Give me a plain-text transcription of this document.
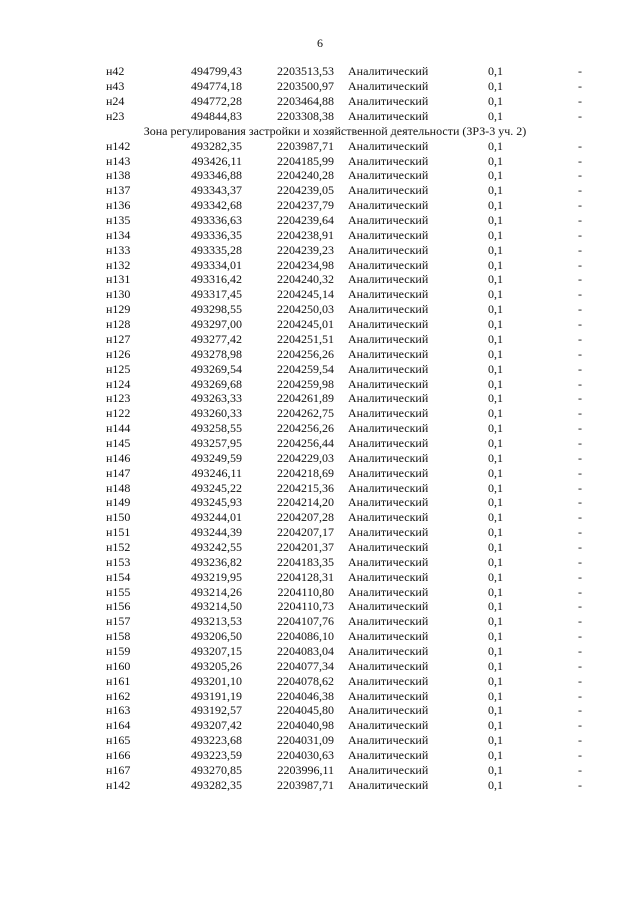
6
н42	494799,43	2203513,53	Аналитический	0,1	-
н43	494774,18	2203500,97	Аналитический	0,1	-
н24	494772,28	2203464,88	Аналитический	0,1	-
н23	494844,83	2203308,38	Аналитический	0,1	-
Зона регулирования застройки и хозяйственной деятельности (ЗРЗ-3 уч. 2)					
н142	493282,35	2203987,71	Аналитический	0,1	-
н143	493426,11	2204185,99	Аналитический	0,1	-
н138	493346,88	2204240,28	Аналитический	0,1	-
н137	493343,37	2204239,05	Аналитический	0,1	-
н136	493342,68	2204237,79	Аналитический	0,1	-
н135	493336,63	2204239,64	Аналитический	0,1	-
н134	493336,35	2204238,91	Аналитический	0,1	-
н133	493335,28	2204239,23	Аналитический	0,1	-
н132	493334,01	2204234,98	Аналитический	0,1	-
н131	493316,42	2204240,32	Аналитический	0,1	-
н130	493317,45	2204245,14	Аналитический	0,1	-
н129	493298,55	2204250,03	Аналитический	0,1	-
н128	493297,00	2204245,01	Аналитический	0,1	-
н127	493277,42	2204251,51	Аналитический	0,1	-
н126	493278,98	2204256,26	Аналитический	0,1	-
н125	493269,54	2204259,54	Аналитический	0,1	-
н124	493269,68	2204259,98	Аналитический	0,1	-
н123	493263,33	2204261,89	Аналитический	0,1	-
н122	493260,33	2204262,75	Аналитический	0,1	-
н144	493258,55	2204256,26	Аналитический	0,1	-
н145	493257,95	2204256,44	Аналитический	0,1	-
н146	493249,59	2204229,03	Аналитический	0,1	-
н147	493246,11	2204218,69	Аналитический	0,1	-
н148	493245,22	2204215,36	Аналитический	0,1	-
н149	493245,93	2204214,20	Аналитический	0,1	-
н150	493244,01	2204207,28	Аналитический	0,1	-
н151	493244,39	2204207,17	Аналитический	0,1	-
н152	493242,55	2204201,37	Аналитический	0,1	-
н153	493236,82	2204183,35	Аналитический	0,1	-
н154	493219,95	2204128,31	Аналитический	0,1	-
н155	493214,26	2204110,80	Аналитический	0,1	-
н156	493214,50	2204110,73	Аналитический	0,1	-
н157	493213,53	2204107,76	Аналитический	0,1	-
н158	493206,50	2204086,10	Аналитический	0,1	-
н159	493207,15	2204083,04	Аналитический	0,1	-
н160	493205,26	2204077,34	Аналитический	0,1	-
н161	493201,10	2204078,62	Аналитический	0,1	-
н162	493191,19	2204046,38	Аналитический	0,1	-
н163	493192,57	2204045,80	Аналитический	0,1	-
н164	493207,42	2204040,98	Аналитический	0,1	-
н165	493223,68	2204031,09	Аналитический	0,1	-
н166	493223,59	2204030,63	Аналитический	0,1	-
н167	493270,85	2203996,11	Аналитический	0,1	-
н142	493282,35	2203987,71	Аналитический	0,1	-
